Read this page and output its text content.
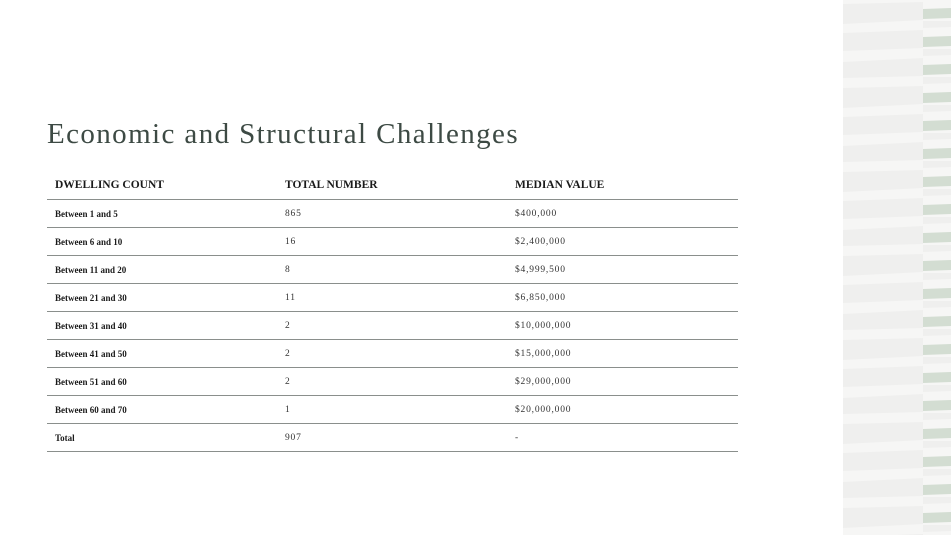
Economic and Structural Challenges
DWELLING COUNT	TOTAL NUMBER	MEDIAN VALUE
Between 1 and 5	865	$400,000
Between 6 and 10	16	$2,400,000
Between 11 and 20	8	$4,999,500
Between 21 and 30	11	$6,850,000
Between 31 and 40	2	$10,000,000
Between 41 and 50	2	$15,000,000
Between 51 and 60	2	$29,000,000
Between 60 and 70	1	$20,000,000
Total	907	-
